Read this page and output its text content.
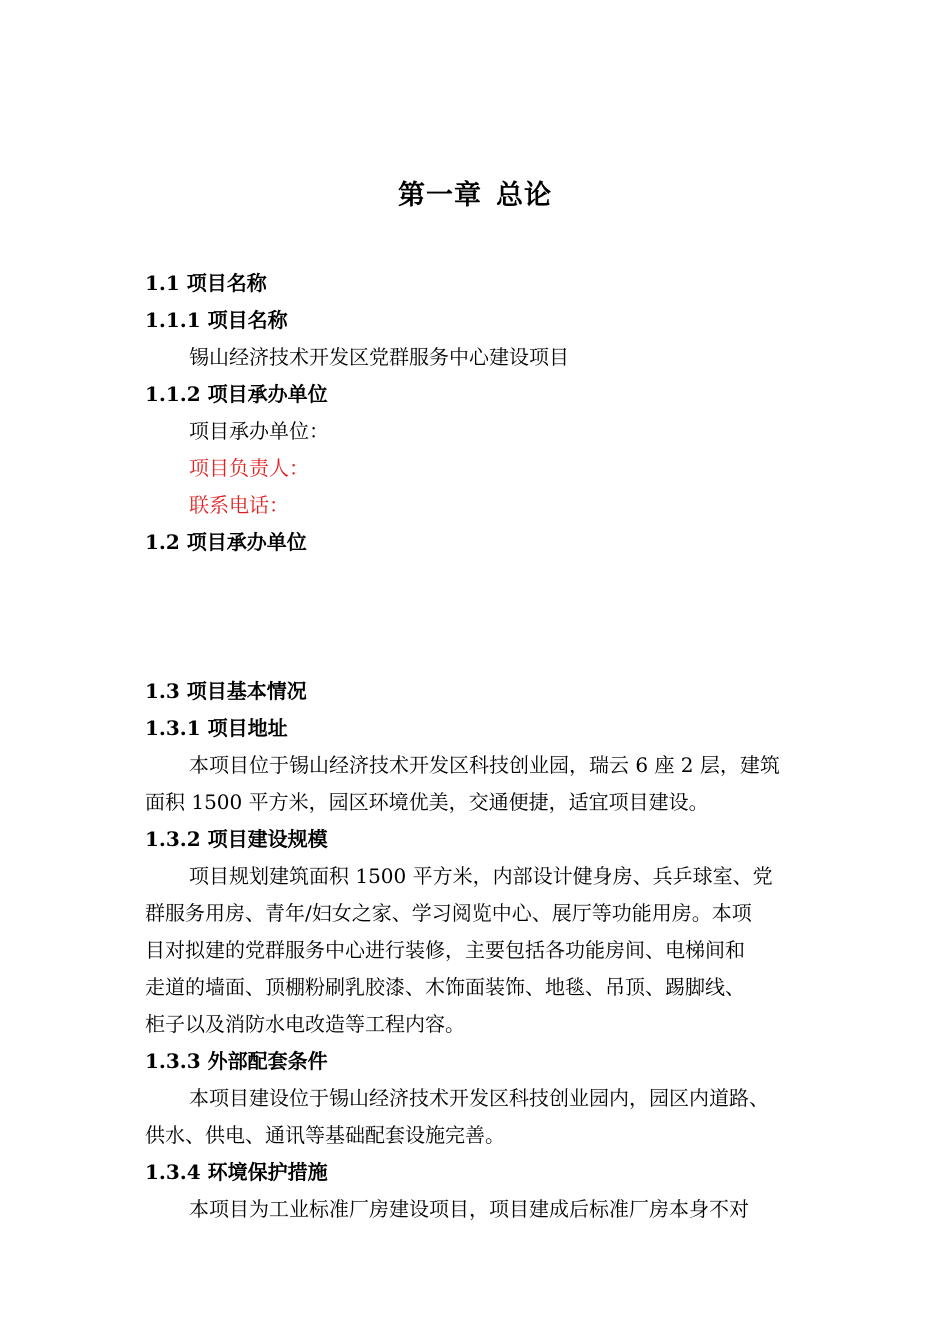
第一章 总论
1.1 项目名称
1.1.1 项目名称
锡山经济技术开发区党群服务中心建设项目
1.1.2 项目承办单位
项目承办单位：
项目负责人：
联系电话：
1.2 项目承办单位
1.3 项目基本情况
1.3.1 项目地址
本项目位于锡山经济技术开发区科技创业园，瑞云 6 座 2 层，建筑
面积 1500 平方米，园区环境优美，交通便捷，适宜项目建设。
1.3.2 项目建设规模
项目规划建筑面积 1500 平方米，内部设计健身房、兵乒球室、党
群服务用房、青年/妇女之家、学习阅览中心、展厅等功能用房。本项
目对拟建的党群服务中心进行装修，主要包括各功能房间、电梯间和
走道的墙面、顶棚粉刷乳胶漆、木饰面装饰、地毯、吊顶、踢脚线、
柜子以及消防水电改造等工程内容。
1.3.3 外部配套条件
本项目建设位于锡山经济技术开发区科技创业园内，园区内道路、
供水、供电、通讯等基础配套设施完善。
1.3.4 环境保护措施
本项目为工业标准厂房建设项目，项目建成后标准厂房本身不对
